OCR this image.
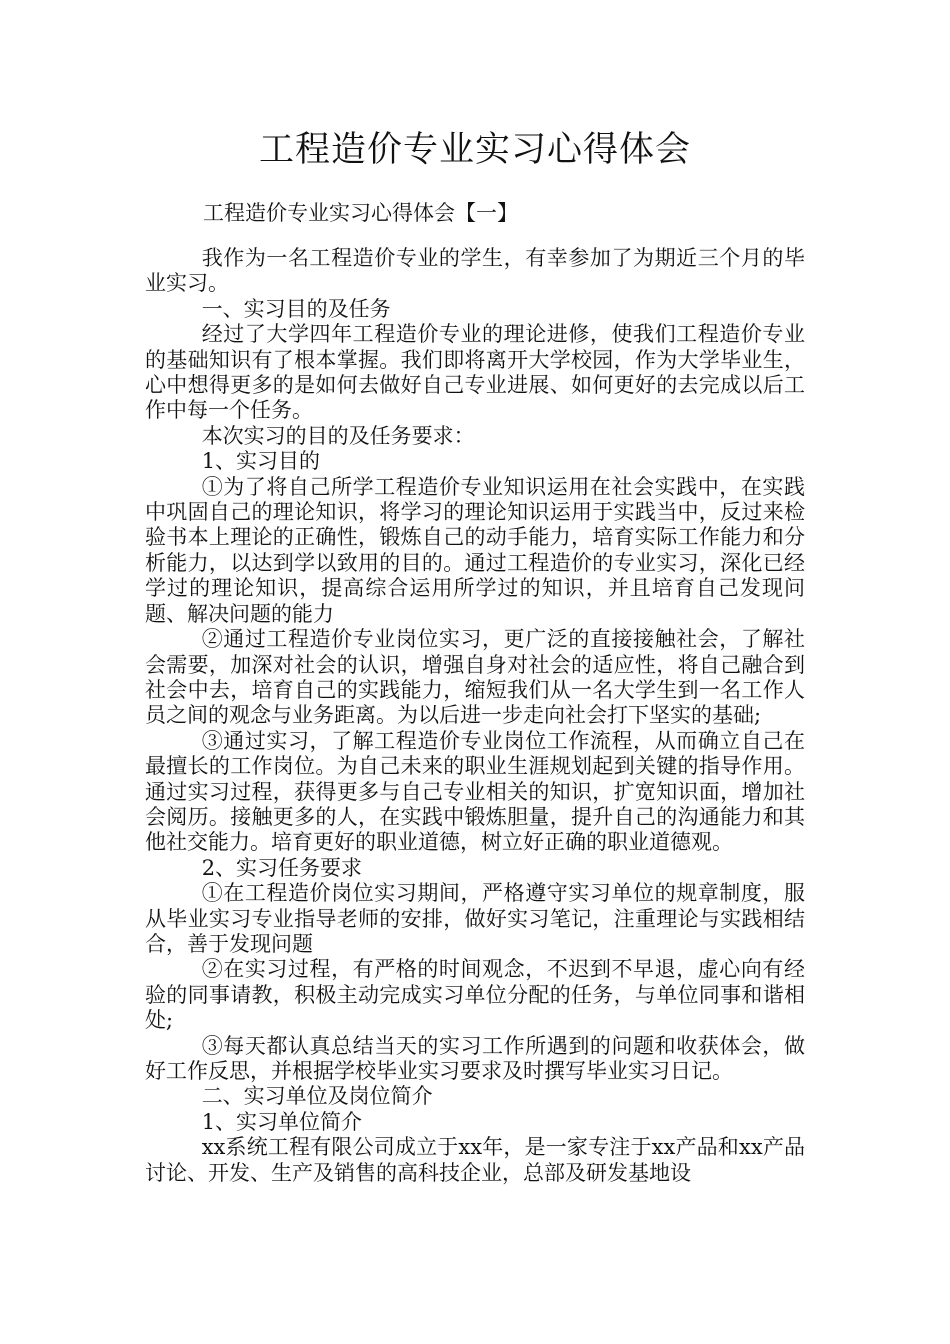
工程造价专业实习心得体会
工程造价专业实习心得体会【一】

我作为一名工程造价专业的学生，有幸参加了为期近三个月的毕业实习。

一、实习目的及任务

经过了大学四年工程造价专业的理论进修，使我们工程造价专业的基础知识有了根本掌握。我们即将离开大学校园，作为大学毕业生，心中想得更多的是如何去做好自己专业进展、如何更好的去完成以后工作中每一个任务。

本次实习的目的及任务要求：

1、实习目的

①为了将自己所学工程造价专业知识运用在社会实践中，在实践中巩固自己的理论知识，将学习的理论知识运用于实践当中，反过来检验书本上理论的正确性，锻炼自己的动手能力，培育实际工作能力和分析能力，以达到学以致用的目的。通过工程造价的专业实习，深化已经学过的理论知识，提高综合运用所学过的知识，并且培育自己发现问题、解决问题的能力

②通过工程造价专业岗位实习，更广泛的直接接触社会，了解社会需要，加深对社会的认识，增强自身对社会的适应性，将自己融合到社会中去，培育自己的实践能力，缩短我们从一名大学生到一名工作人员之间的观念与业务距离。为以后进一步走向社会打下坚实的基础;

③通过实习，了解工程造价专业岗位工作流程，从而确立自己在最擅长的工作岗位。为自己未来的职业生涯规划起到关键的指导作用。通过实习过程，获得更多与自己专业相关的知识，扩宽知识面，增加社会阅历。接触更多的人，在实践中锻炼胆量，提升自己的沟通能力和其他社交能力。培育更好的职业道德，树立好正确的职业道德观。

2、实习任务要求

①在工程造价岗位实习期间，严格遵守实习单位的规章制度，服从毕业实习专业指导老师的安排，做好实习笔记，注重理论与实践相结合，善于发现问题

②在实习过程，有严格的时间观念，不迟到不早退，虚心向有经验的同事请教，积极主动完成实习单位分配的任务，与单位同事和谐相处;

③每天都认真总结当天的实习工作所遇到的问题和收获体会，做好工作反思，并根据学校毕业实习要求及时撰写毕业实习日记。

二、实习单位及岗位简介

1、实习单位简介

xx系统工程有限公司成立于xx年，是一家专注于xx产品和xx产品讨论、开发、生产及销售的高科技企业，总部及研发基地设
